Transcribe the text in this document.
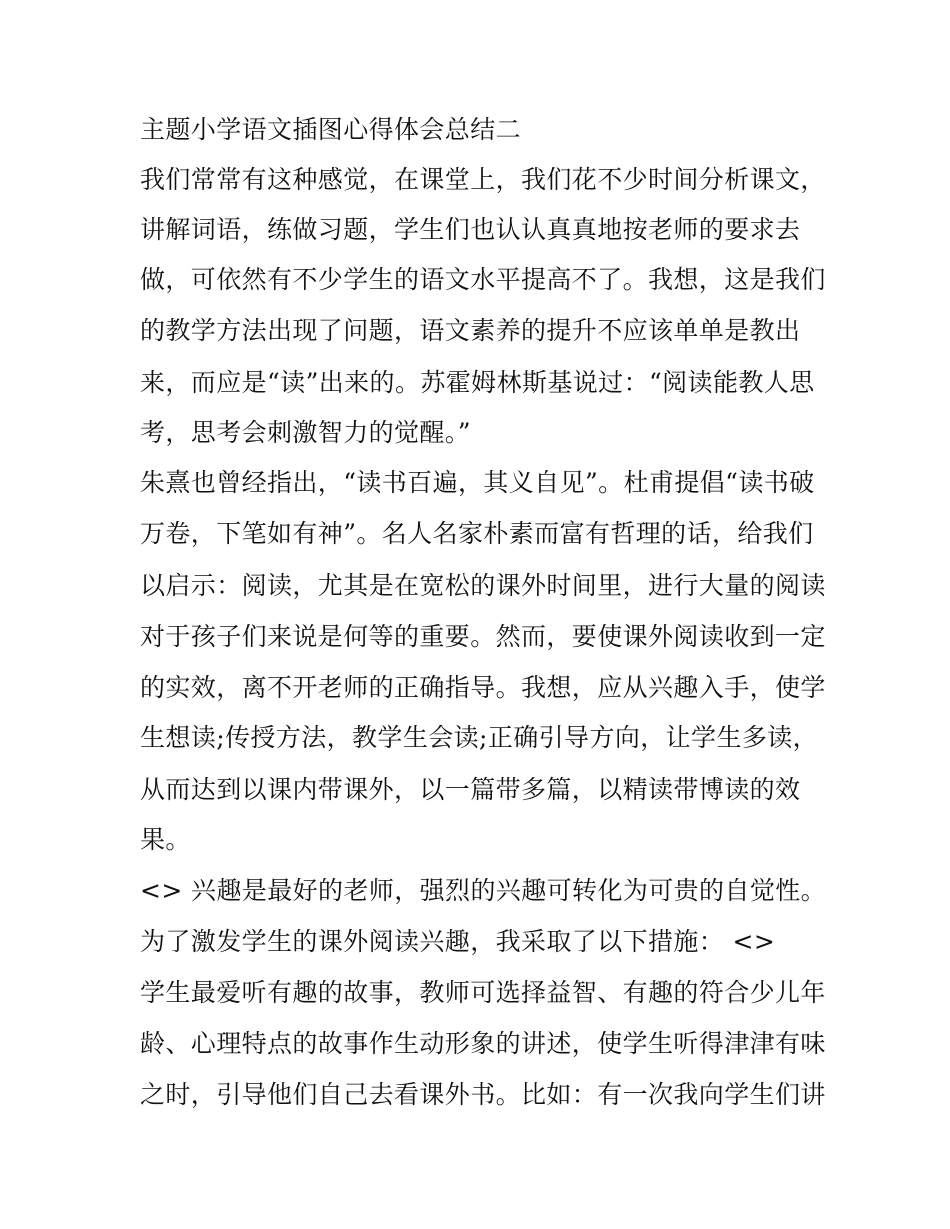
主题小学语文插图心得体会总结二

我们常常有这种感觉，在课堂上，我们花不少时间分析课文，

讲解词语，练做习题，学生们也认认真真地按老师的要求去

做，可依然有不少学生的语文水平提高不了。我想，这是我们

的教学方法出现了问题，语文素养的提升不应该单单是教出

来，而应是“读”出来的。苏霍姆林斯基说过：“阅读能教人思

考，思考会刺激智力的觉醒。”

朱熹也曾经指出，“读书百遍，其义自见”。杜甫提倡“读书破

万卷，下笔如有神”。名人名家朴素而富有哲理的话，给我们

以启示：阅读，尤其是在宽松的课外时间里，进行大量的阅读

对于孩子们来说是何等的重要。然而，要使课外阅读收到一定

的实效，离不开老师的正确指导。我想，应从兴趣入手，使学

生想读;传授方法，教学生会读;正确引导方向，让学生多读，

从而达到以课内带课外，以一篇带多篇，以精读带博读的效

果。

<> 兴趣是最好的老师，强烈的兴趣可转化为可贵的自觉性。

为了激发学生的课外阅读兴趣，我采取了以下措施： <>

学生最爱听有趣的故事，教师可选择益智、有趣的符合少儿年

龄、心理特点的故事作生动形象的讲述，使学生听得津津有味

之时，引导他们自己去看课外书。比如：有一次我向学生们讲
